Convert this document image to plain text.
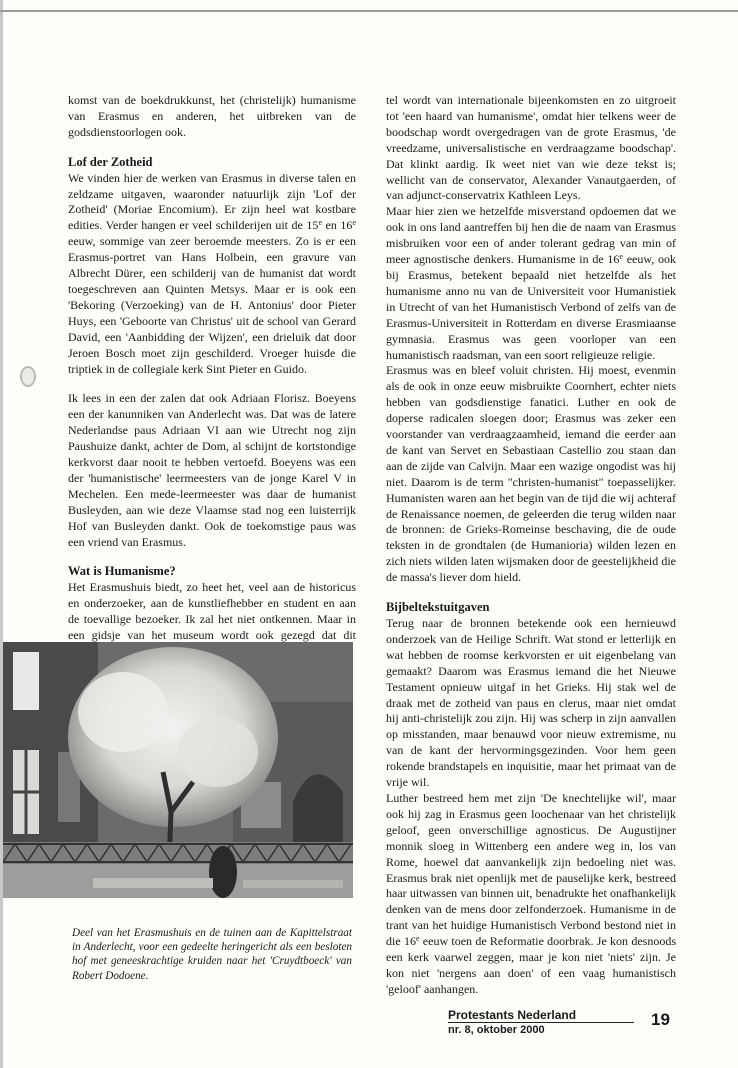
komst van de boekdrukkunst, het (christelijk) humanisme van Erasmus en anderen, het uitbreken van de godsdienstoorlogen ook.

Lof der Zotheid

We vinden hier de werken van Erasmus in diverse talen en zeldzame uitgaven, waaronder natuurlijk zijn 'Lof der Zotheid' (Moriae Encomium). Er zijn heel wat kostbare edities. Verder hangen er veel schilderijen uit de 15e en 16e eeuw, sommige van zeer beroemde meesters. Zo is er een Erasmus-portret van Hans Holbein, een gravure van Albrecht Dürer, een schilderij van de humanist dat wordt toegeschreven aan Quinten Metsys. Maar er is ook een 'Bekoring (Verzoeking) van de H. Antonius' door Pieter Huys, een 'Geboorte van Christus' uit de school van Gerard David, een 'Aanbidding der Wijzen', een drieluik dat door Jeroen Bosch moet zijn geschilderd. Vroeger huisde die triptiek in de collegiale kerk Sint Pieter en Guido.

Ik lees in een der zalen dat ook Adriaan Florisz. Boeyens een der kanunniken van Anderlecht was. Dat was de latere Nederlandse paus Adriaan VI aan wie Utrecht nog zijn Paushuize dankt, achter de Dom, al schijnt de kortstondige kerkvorst daar nooit te hebben vertoefd. Boeyens was een der 'humanistische' leermeesters van de jonge Karel V in Mechelen. Een mede-leermeester was daar de humanist Busleyden, aan wie deze Vlaamse stad nog een luisterrijk Hof van Busleyden dankt. Ook de toekomstige paus was een vriend van Erasmus.

Wat is Humanisme?

Het Erasmushuis biedt, zo heet het, veel aan de historicus en onderzoeker, aan de kunstliefhebber en student en aan de toevallige bezoeker. Ik zal het niet ontkennen. Maar in een gidsje van het museum wordt ook gezegd dat dit

Deel van het Erasmushuis en de tuinen aan de Kapittelstraat in Anderlecht, voor een gedeelte heringericht als een besloten hof met geneeskrachtige kruiden naar het 'Cruydtboeck' van Robert Dodoene.

tel wordt van internationale bijeenkomsten en zo uitgroeit tot 'een haard van humanisme', omdat hier telkens weer de boodschap wordt overgedragen van de grote Erasmus, 'de vreedzame, universalistische en verdraagzame boodschap'. Dat klinkt aardig. Ik weet niet van wie deze tekst is; wellicht van de conservator, Alexander Vanautgaerden, of van adjunct-conservatrix Kathleen Leys.

Maar hier zien we hetzelfde misverstand opdoemen dat we ook in ons land aantreffen bij hen die de naam van Erasmus misbruiken voor een of ander tolerant gedrag van min of meer agnostische denkers. Humanisme in de 16e eeuw, ook bij Erasmus, betekent bepaald niet hetzelfde als het humanisme anno nu van de Universiteit voor Humanistiek in Utrecht of van het Humanistisch Verbond of zelfs van de Erasmus-Universiteit in Rotterdam en diverse Erasmiaanse gymnasia. Erasmus was geen voorloper van een humanistisch raadsman, van een soort religieuze religie.

Erasmus was en bleef voluit christen. Hij moest, evenmin als de ook in onze eeuw misbruikte Coornhert, echter niets hebben van godsdienstige fanatici. Luther en ook de doperse radicalen sloegen door; Erasmus was zeker een voorstander van verdraagzaamheid, iemand die eerder aan de kant van Servet en Sebastiaan Castellio zou staan dan aan de zijde van Calvijn. Maar een wazige ongodist was hij niet. Daarom is de term "christen-humanist" toepasselijker. Humanisten waren aan het begin van de tijd die wij achteraf de Renaissance noemen, de geleerden die terug wilden naar de bronnen: de Grieks-Romeinse beschaving, die de oude teksten in de grondtalen (de Humanioria) wilden lezen en zich niets wilden laten wijsmaken door de geestelijkheid die de massa's liever dom hield.

Bijbeltekstuitgaven

Terug naar de bronnen betekende ook een hernieuwd onderzoek van de Heilige Schrift. Wat stond er letterlijk en wat hebben de roomse kerkvorsten er uit eigenbelang van gemaakt? Daarom was Erasmus iemand die het Nieuwe Testament opnieuw uitgaf in het Grieks. Hij stak wel de draak met de zotheid van paus en clerus, maar niet omdat hij anti-christelijk zou zijn. Hij was scherp in zijn aanvallen op misstanden, maar benauwd voor nieuw extremisme, nu van de kant der hervormingsgezinden. Voor hem geen rokende brandstapels en inquisitie, maar het primaat van de vrije wil.

Luther bestreed hem met zijn 'De knechtelijke wil', maar ook hij zag in Erasmus geen loochenaar van het christelijk geloof, geen onverschillige agnosticus. De Augustijner monnik sloeg in Wittenberg een andere weg in, los van Rome, hoewel dat aanvankelijk zijn bedoeling niet was. Erasmus brak niet openlijk met de pauselijke kerk, bestreed haar uitwassen van binnen uit, benadrukte het onafhankelijk denken van de mens door zelfonderzoek. Humanisme in de trant van het huidige Humanistisch Verbond bestond niet in die 16e eeuw toen de Reformatie doorbrak. Je kon desnoods een kerk vaarwel zeggen, maar je kon niet 'niets' zijn. Je kon niet 'nergens aan doen' of een vaag humanistisch 'geloof' aanhangen.

Protestants Nederland
nr. 8, oktober 2000
19
